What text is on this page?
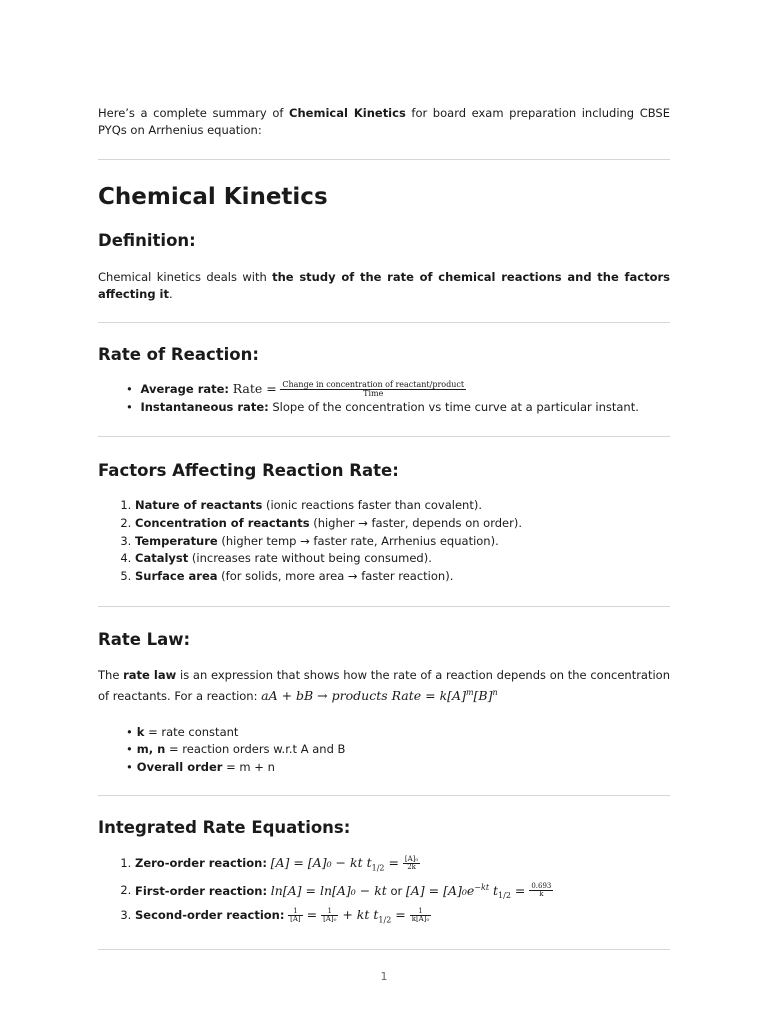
Here’s a complete summary of Chemical Kinetics for board exam preparation including CBSE PYQs on Arrhenius equation:

Chemical Kinetics
Definition:

Chemical kinetics deals with the study of the rate of chemical reactions and the factors affecting it.

Rate of Reaction:
• Average rate: Rate = $\frac{\text{Change in concentration of reactant/product}}{\text{Time}}$
• Instantaneous rate: Slope of the concentration vs time curve at a particular instant.
Factors Affecting Reaction Rate:
1. Nature of reactants (ionic reactions faster than covalent).
2. Concentration of reactants (higher → faster, depends on order).
3. Temperature (higher temp → faster rate, Arrhenius equation).
4. Catalyst (increases rate without being consumed).
5. Surface area (for solids, more area → faster reaction).
Rate Law:

The rate law is an expression that shows how the rate of a reaction depends on the concentration of reactants. For a reaction: aA + bB → products Rate = $k[A]^m[B]^n$

• k = rate constant
• m, n = reaction orders w.r.t A and B
• Overall order = m + n
Integrated Rate Equations:
1. Zero-order reaction: [A] = [A]₀ − kt $t_{1/2} = \frac{\text{[A]₀}}{2k}$
2. First-order reaction: ln[A] = ln[A]₀ − kt or $[A] = [A]_0e^{-kt}$ $t_{1/2} = \frac{0.693}{k}$
3. Second-order reaction: $\frac{1}{[A]} = \frac{1}{\text{[A]₀}}$ + kt $t_{1/2} = \frac{1}{\text{k[A]₀}}$
1
